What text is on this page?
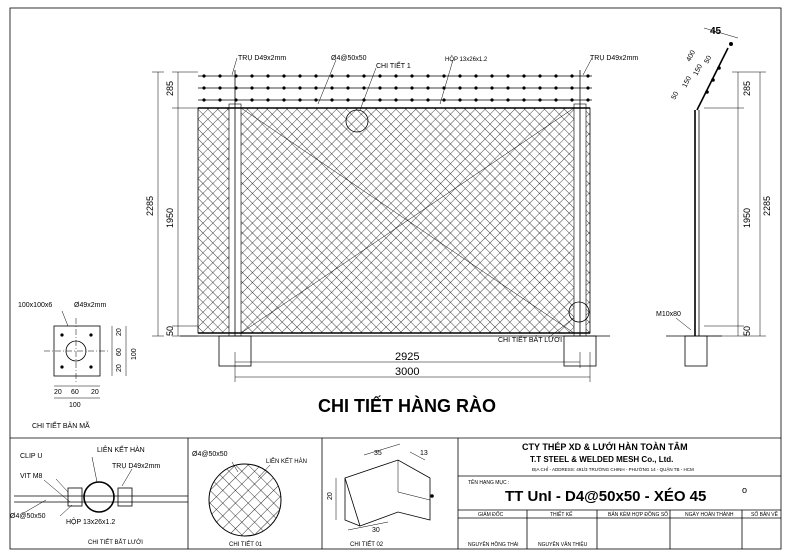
TRỤ D49x2mm	TRỤ D49x2mm
Ø4@50x50
CHI TIẾT 1
HỘP 13x26x1.2
285
1950
2285
50
2925
3000
CHI TIẾT BẮT LƯỚI
CHI TIẾT HÀNG RÀO
45
400
50
150
150
50
285
1950
2285
50
M10x80
100x100x6	Ø49x2mm
20
60
20
100
20 60 20
100
CHI TIẾT BẢN MÃ
CLIP U
LIÊN KẾT HÀN
VIT M8
TRỤ D49x2mm
Ø4@50x50
HỘP 13x26x1.2
CHI TIẾT BẮT LƯỚI
Ø4@50x50
LIÊN KẾT HÀN
CHI TIẾT 01
35	13
20
30
CHI TIẾT 02
CTY THÉP XD & LƯỚI HÀN TOÀN TÂM
T.T STEEL & WELDED MESH Co., Ltd.
ĐỊA CHỈ - ADDRESS: 491/3 TRƯỜNG CHINH - PHƯỜNG 14 - QUẬN TB - HCM
TÊN HẠNG MỤC :
TT UnI - D4@50x50 - XÉO 45	o
GIÁM ĐỐC	THIẾT KẾ	BẢN KÈM HỢP ĐỒNG SỐ	NGÀY HOÀN THÀNH	SỐ BẢN VẼ
NGUYỄN HỒNG THÁI	NGUYỄN VĂN THIỆU
